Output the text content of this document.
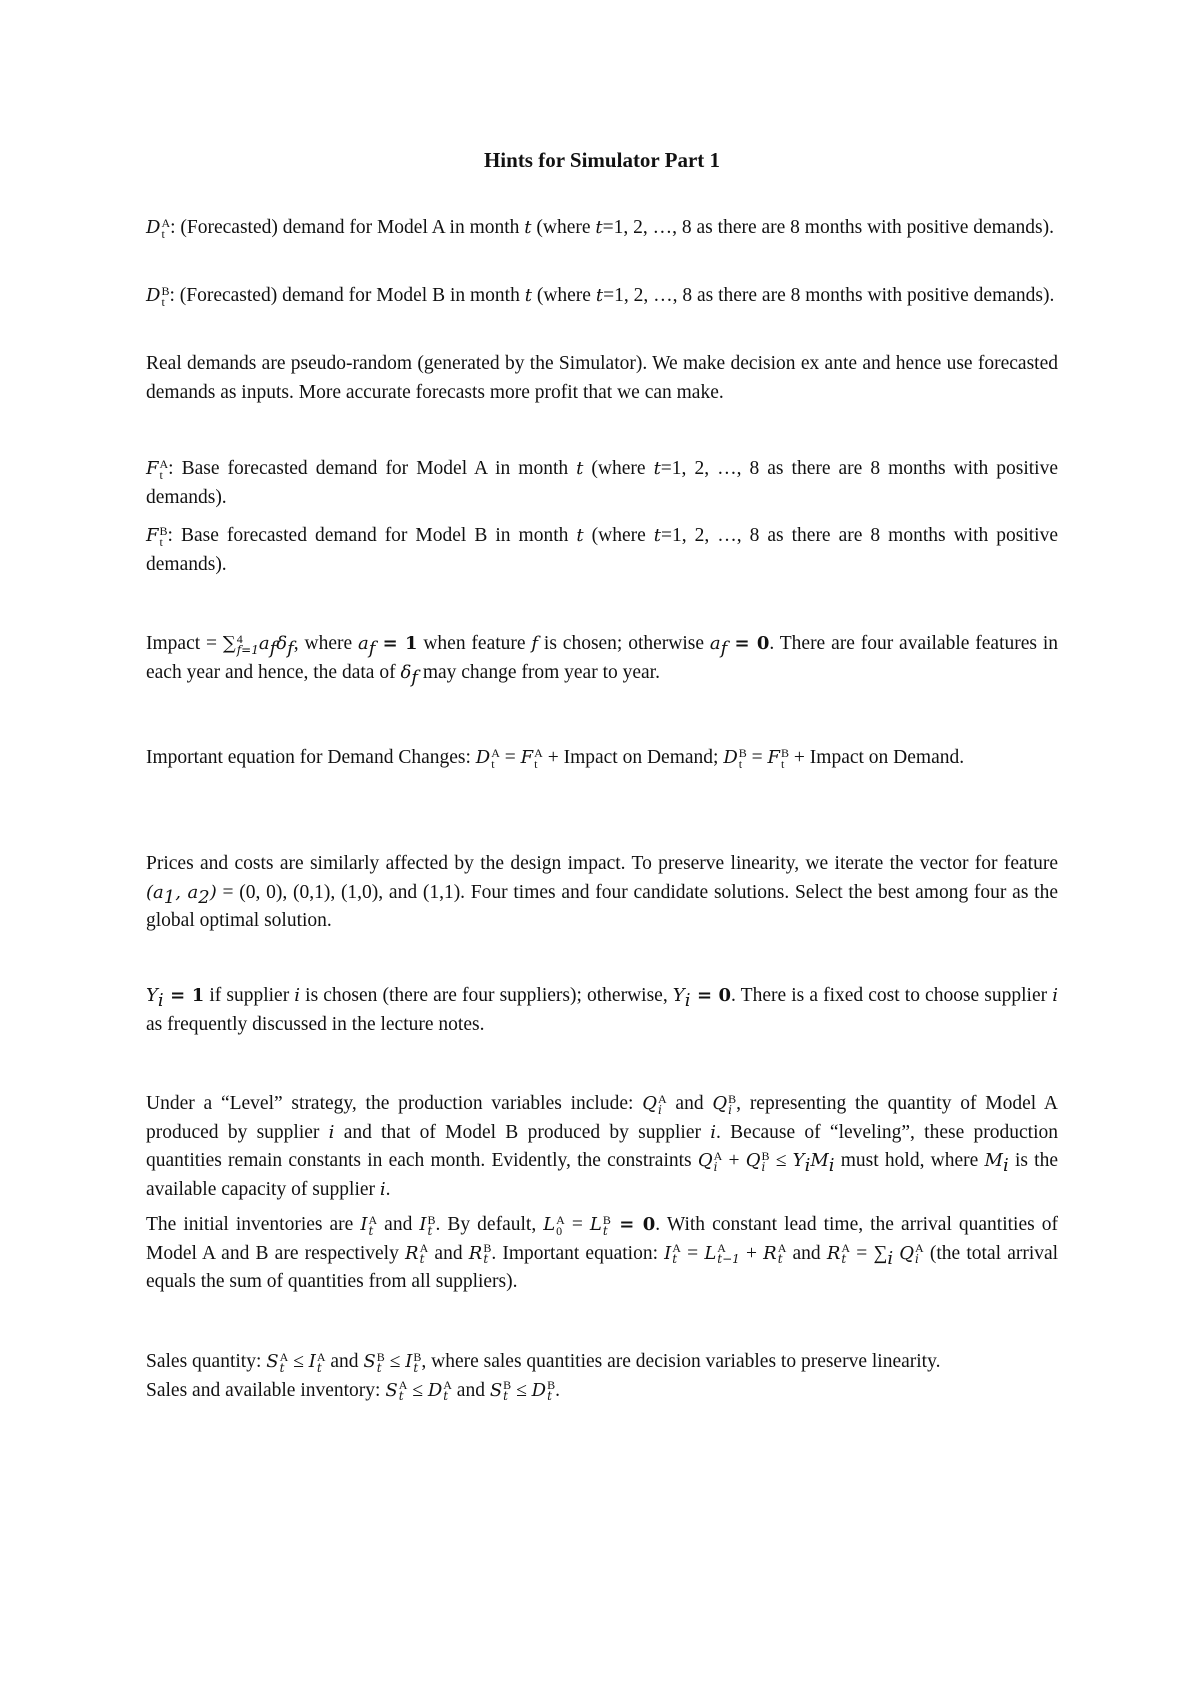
Hints for Simulator Part 1
D A
t : (Forecasted) demand for Model A in month t (where t=1, 2, …, 8 as there are 8 months with positive demands).
D B
t : (Forecasted) demand for Model B in month t (where t=1, 2, …, 8 as there are 8 months with positive demands).
Real demands are pseudo-random (generated by the Simulator). We make decision ex ante and hence use forecasted demands as inputs. More accurate forecasts more profit that we can make.
F A
t : Base forecasted demand for Model A in month t (where t=1, 2, …, 8 as there are 8 months with positive demands).
F B
t : Base forecasted demand for Model B in month t (where t=1, 2, …, 8 as there are 8 months with positive demands).
Impact = ∑ 4
f=1 $a_f\delta_f$, where $a_f = 1$ when feature f is chosen; otherwise $a_f = 0$. There are four available features in each year and hence, the data of $\delta_f$ may change from year to year.
Important equation for Demand Changes: D A
t = F A
t + Impact on Demand; D B
t = F B
t + Impact on Demand.
Prices and costs are similarly affected by the design impact. To preserve linearity, we iterate the vector for feature ($a_1$, $a_2) = (0$, 0), (0,1), (1,0), and (1,1). Four times and four candidate solutions. Select the best among four as the global optimal solution.
$Y_i = 1$ if supplier i is chosen (there are four suppliers); otherwise, $Y_i = 0$. There is a fixed cost to choose supplier i as frequently discussed in the lecture notes.
Under a “Level” strategy, the production variables include: Q A
i and Q B
i , representing the quantity of Model A produced by supplier i and that of Model B produced by supplier i. Because of “leveling”, these production quantities remain constants in each month. Evidently, the constraints Q A
i + Q B
$i \le Y_iM_i$ must hold, where $M_i$ is the available capacity of supplier i.
The initial inventories are I A
t and I B
t . By default, L A
0 = L B
t = 0. With constant lead time, the arrival quantities of Model A and B are respectively R A
t and R B
t . Important equation: I A
t = L A
t−1 + R A
t and R A
$t = \sum_i$ Q A
i (the total arrival equals the sum of quantities from all suppliers).
Sales quantity: S A
t ≤ I A
t and S B
t ≤ I B
t , where sales quantities are decision variables to preserve linearity.
Sales and available inventory: S A
t ≤ D A
t and S B
t ≤ D B
t .
